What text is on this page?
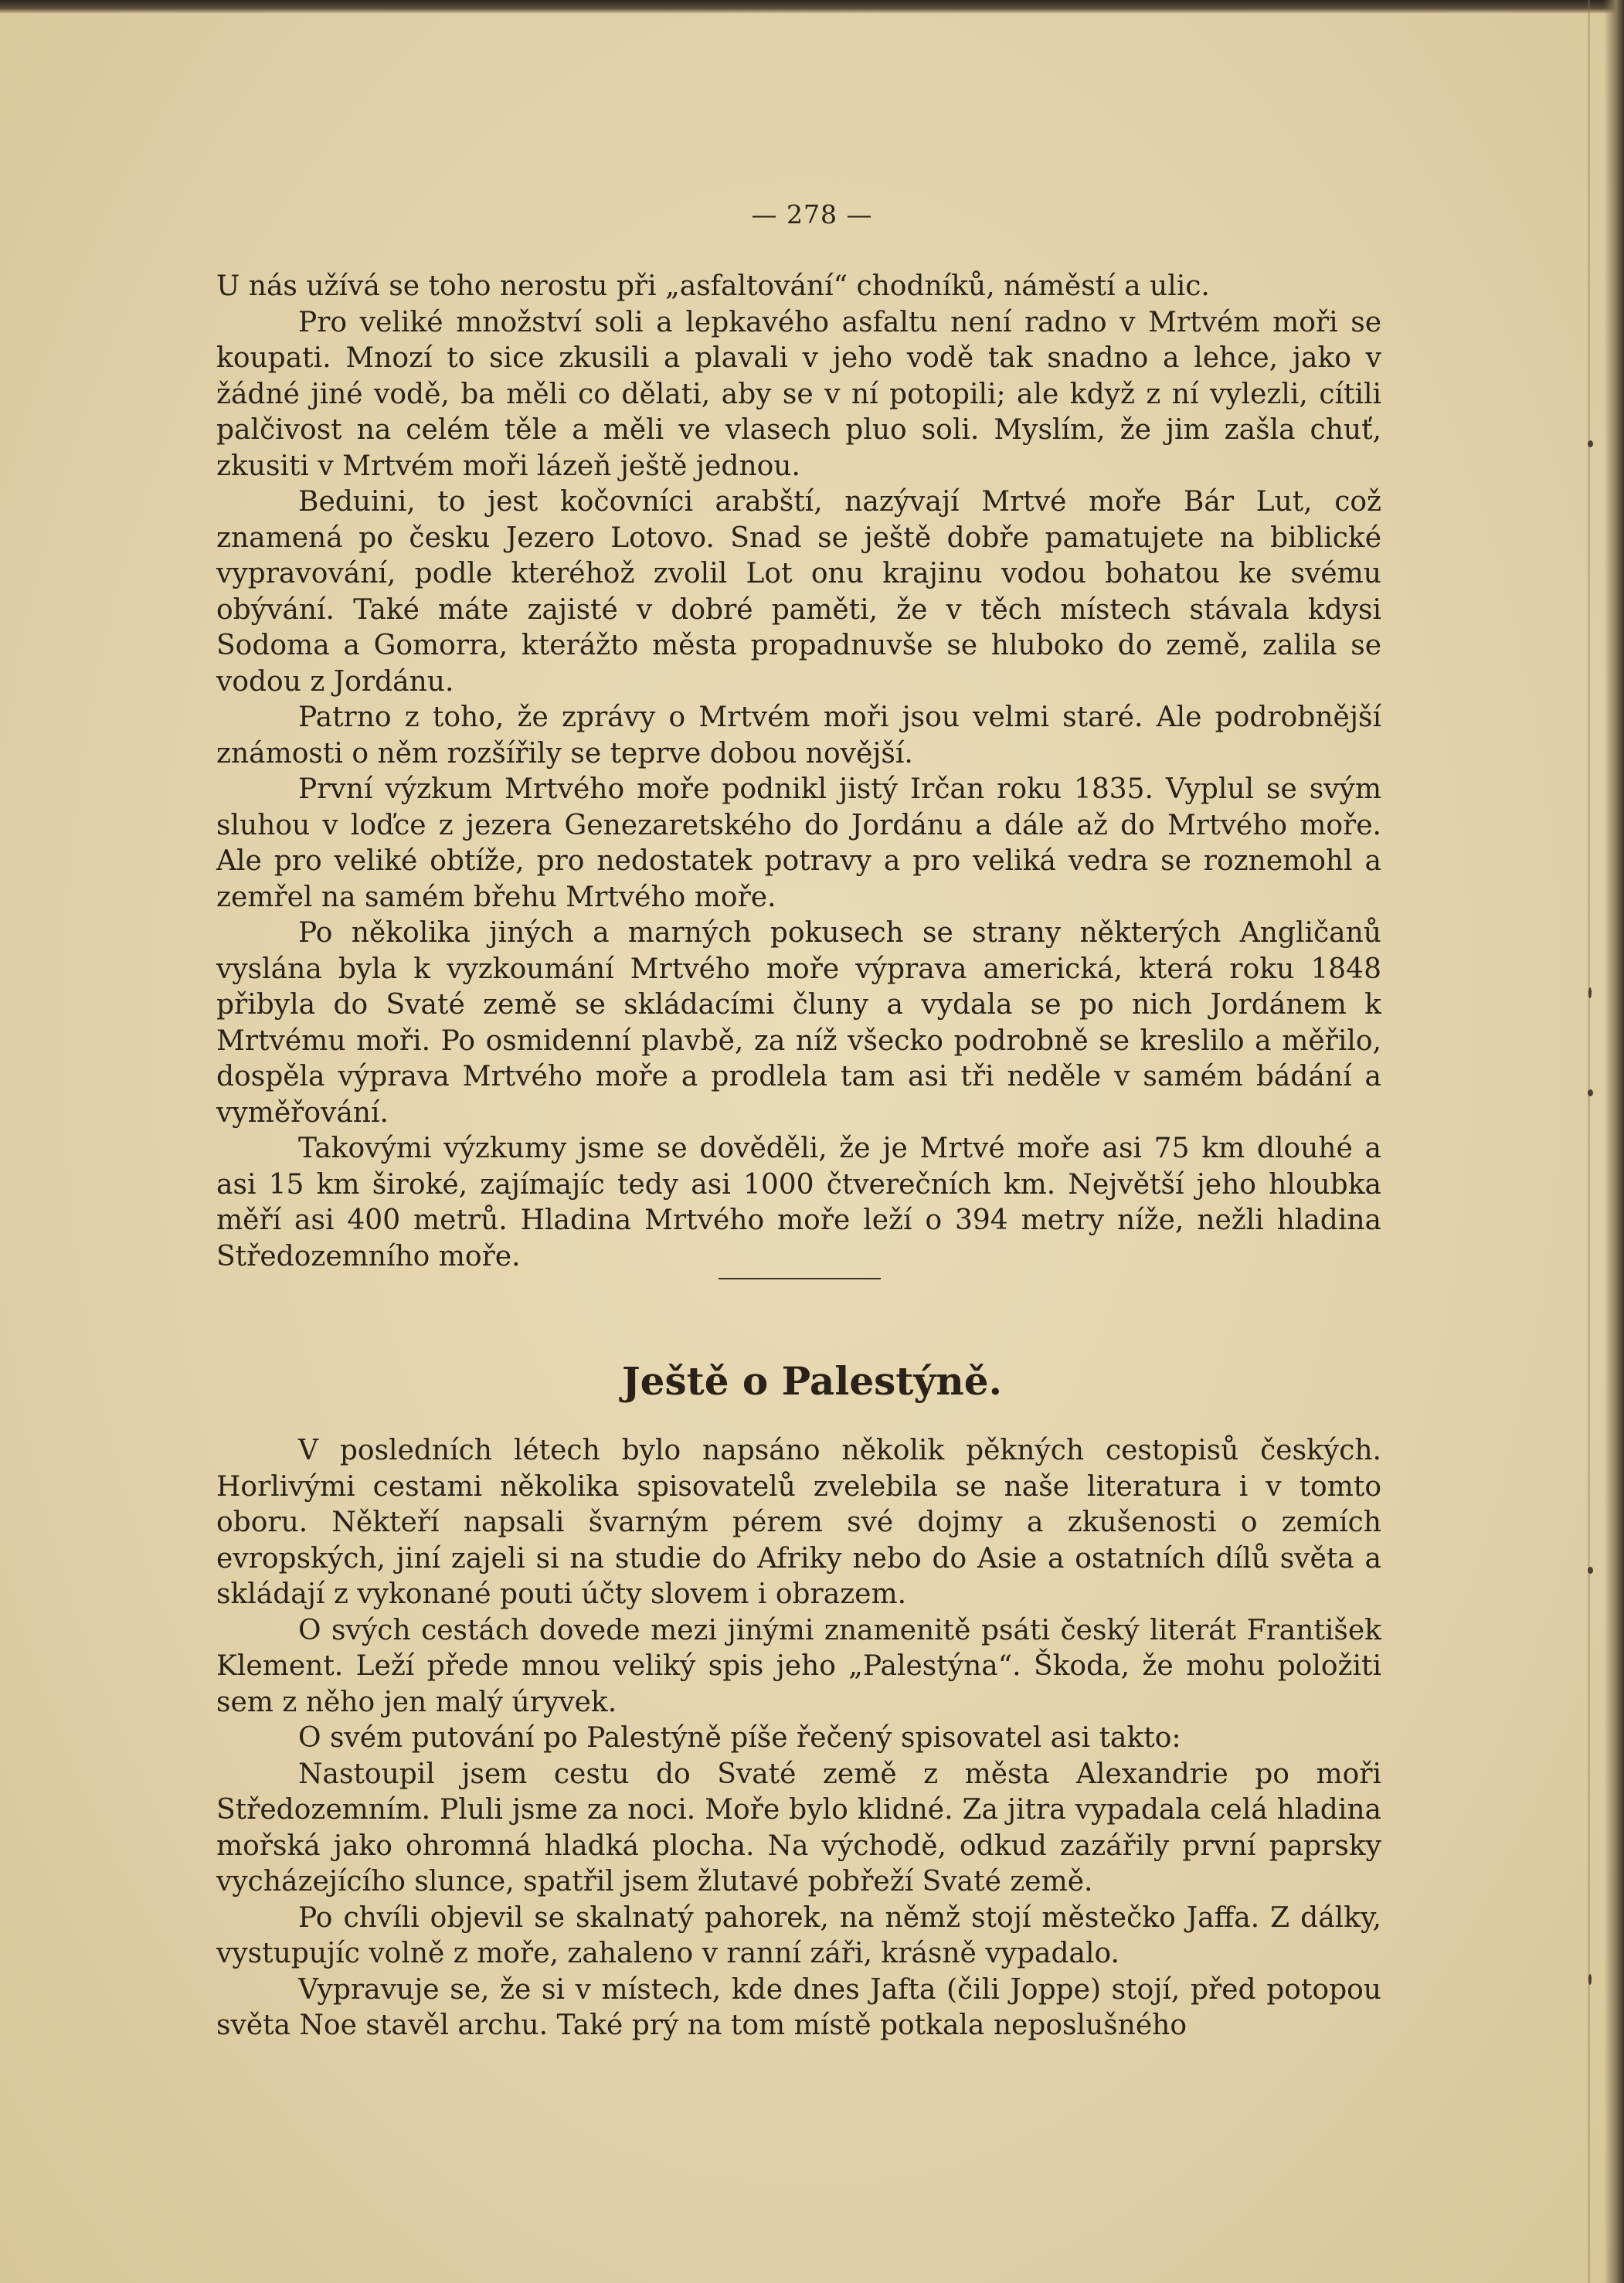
— 278 —

U nás užívá se toho nerostu při „asfaltování“ chodníků, náměstí a ulic.

Pro veliké množství soli a lepkavého asfaltu není radno v Mrtvém moři se koupati. Mnozí to sice zkusili a plavali v jeho vodě tak snadno a lehce, jako v žádné jiné vodě, ba měli co dělati, aby se v ní potopili; ale když z ní vylezli, cítili palčivost na celém těle a měli ve vlasech pluo soli. Myslím, že jim zašla chuť, zkusiti v Mrtvém moři lázeň ještě jednou.

Beduini, to jest kočovníci arabští, nazývají Mrtvé moře Bár Lut, což znamená po česku Jezero Lotovo. Snad se ještě dobře pamatujete na biblické vypravování, podle kteréhož zvolil Lot onu krajinu vodou bohatou ke svému obývání. Také máte zajisté v dobré paměti, že v těch místech stávala kdysi Sodoma a Gomorra, kterážto města propadnuvše se hluboko do země, zalila se vodou z Jordánu.

Patrno z toho, že zprávy o Mrtvém moři jsou velmi staré. Ale podrobnější známosti o něm rozšířily se teprve dobou novější.

První výzkum Mrtvého moře podnikl jistý Irčan roku 1835. Vyplul se svým sluhou v loďce z jezera Genezaretského do Jordánu a dále až do Mrtvého moře. Ale pro veliké obtíže, pro nedostatek potravy a pro veliká vedra se roznemohl a zemřel na samém břehu Mrtvého moře.

Po několika jiných a marných pokusech se strany některých Angličanů vyslána byla k vyzkoumání Mrtvého moře výprava americká, která roku 1848 přibyla do Svaté země se skládacími čluny a vydala se po nich Jordánem k Mrtvému moři. Po osmidenní plavbě, za níž všecko podrobně se kreslilo a měřilo, dospěla výprava Mrtvého moře a prodlela tam asi tři neděle v samém bádání a vyměřování.

Takovými výzkumy jsme se dověděli, že je Mrtvé moře asi 75 km dlouhé a asi 15 km široké, zajímajíc tedy asi 1000 čtverečních km. Největší jeho hloubka měří asi 400 metrů. Hladina Mrtvého moře leží o 394 metry níže, nežli hladina Středozemního moře.

Ještě o Palestýně.

V posledních létech bylo napsáno několik pěkných cestopisů českých. Horlivými cestami několika spisovatelů zvelebila se naše literatura i v tomto oboru. Někteří napsali švarným pérem své dojmy a zkušenosti o zemích evropských, jiní zajeli si na studie do Afriky nebo do Asie a ostatních dílů světa a skládají z vykonané pouti účty slovem i obrazem.

O svých cestách dovede mezi jinými znamenitě psáti český literát František Klement. Leží přede mnou veliký spis jeho „Palestýna“. Škoda, že mohu položiti sem z něho jen malý úryvek.

O svém putování po Palestýně píše řečený spisovatel asi takto:

Nastoupil jsem cestu do Svaté země z města Alexandrie po moři Středozemním. Pluli jsme za noci. Moře bylo klidné. Za jitra vypadala celá hladina mořská jako ohromná hladká plocha. Na východě, odkud zazářily první paprsky vycházejícího slunce, spatřil jsem žlutavé pobřeží Svaté země.

Po chvíli objevil se skalnatý pahorek, na němž stojí městečko Jaffa. Z dálky, vystupujíc volně z moře, zahaleno v ranní záři, krásně vypadalo.

Vypravuje se, že si v místech, kde dnes Jafta (čili Joppe) stojí, před potopou světa Noe stavěl archu. Také prý na tom místě potkala neposlušného
